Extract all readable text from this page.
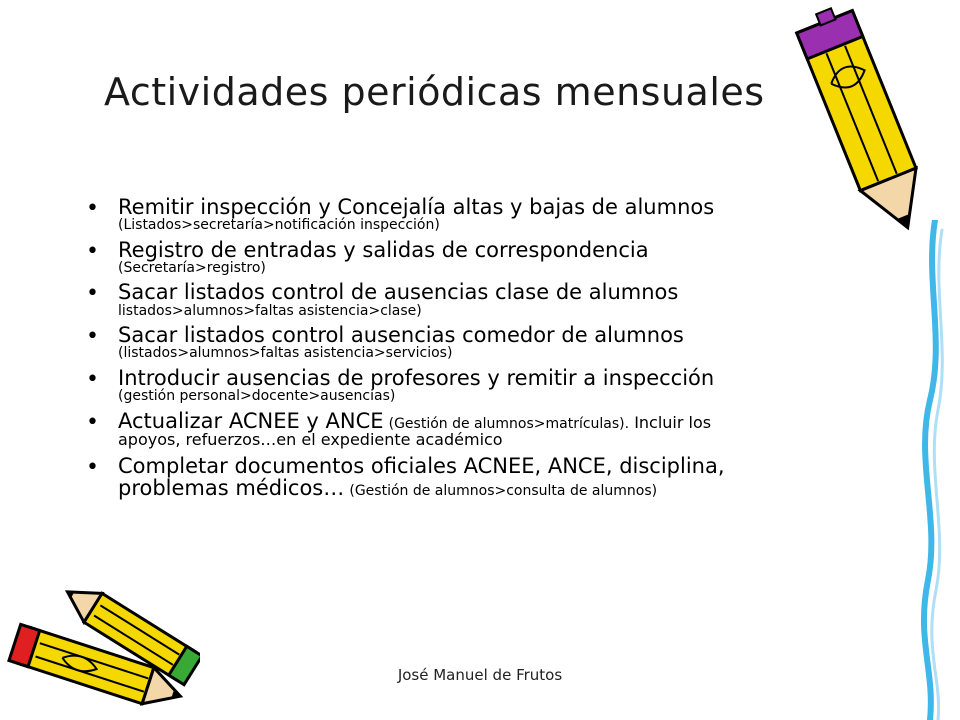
Actividades periódicas mensuales
• Remitir inspección y Concejalía altas y bajas de alumnos
(Listados>secretaría>notificación inspección)
• Registro de entradas y salidas de correspondencia
(Secretaría>registro)
• Sacar listados control de ausencias clase de alumnos
listados>alumnos>faltas asistencia>clase)
• Sacar listados control ausencias comedor de alumnos
(listados>alumnos>faltas asistencia>servicios)
• Introducir ausencias de profesores y remitir a inspección
(gestión personal>docente>ausencias)
• Actualizar ACNEE y ANCE (Gestión de alumnos>matrículas). Incluir los
apoyos, refuerzos…en el expediente académico
• Completar documentos oficiales ACNEE, ANCE, disciplina, problemas médicos… (Gestión de alumnos>consulta de alumnos)
José Manuel de Frutos
